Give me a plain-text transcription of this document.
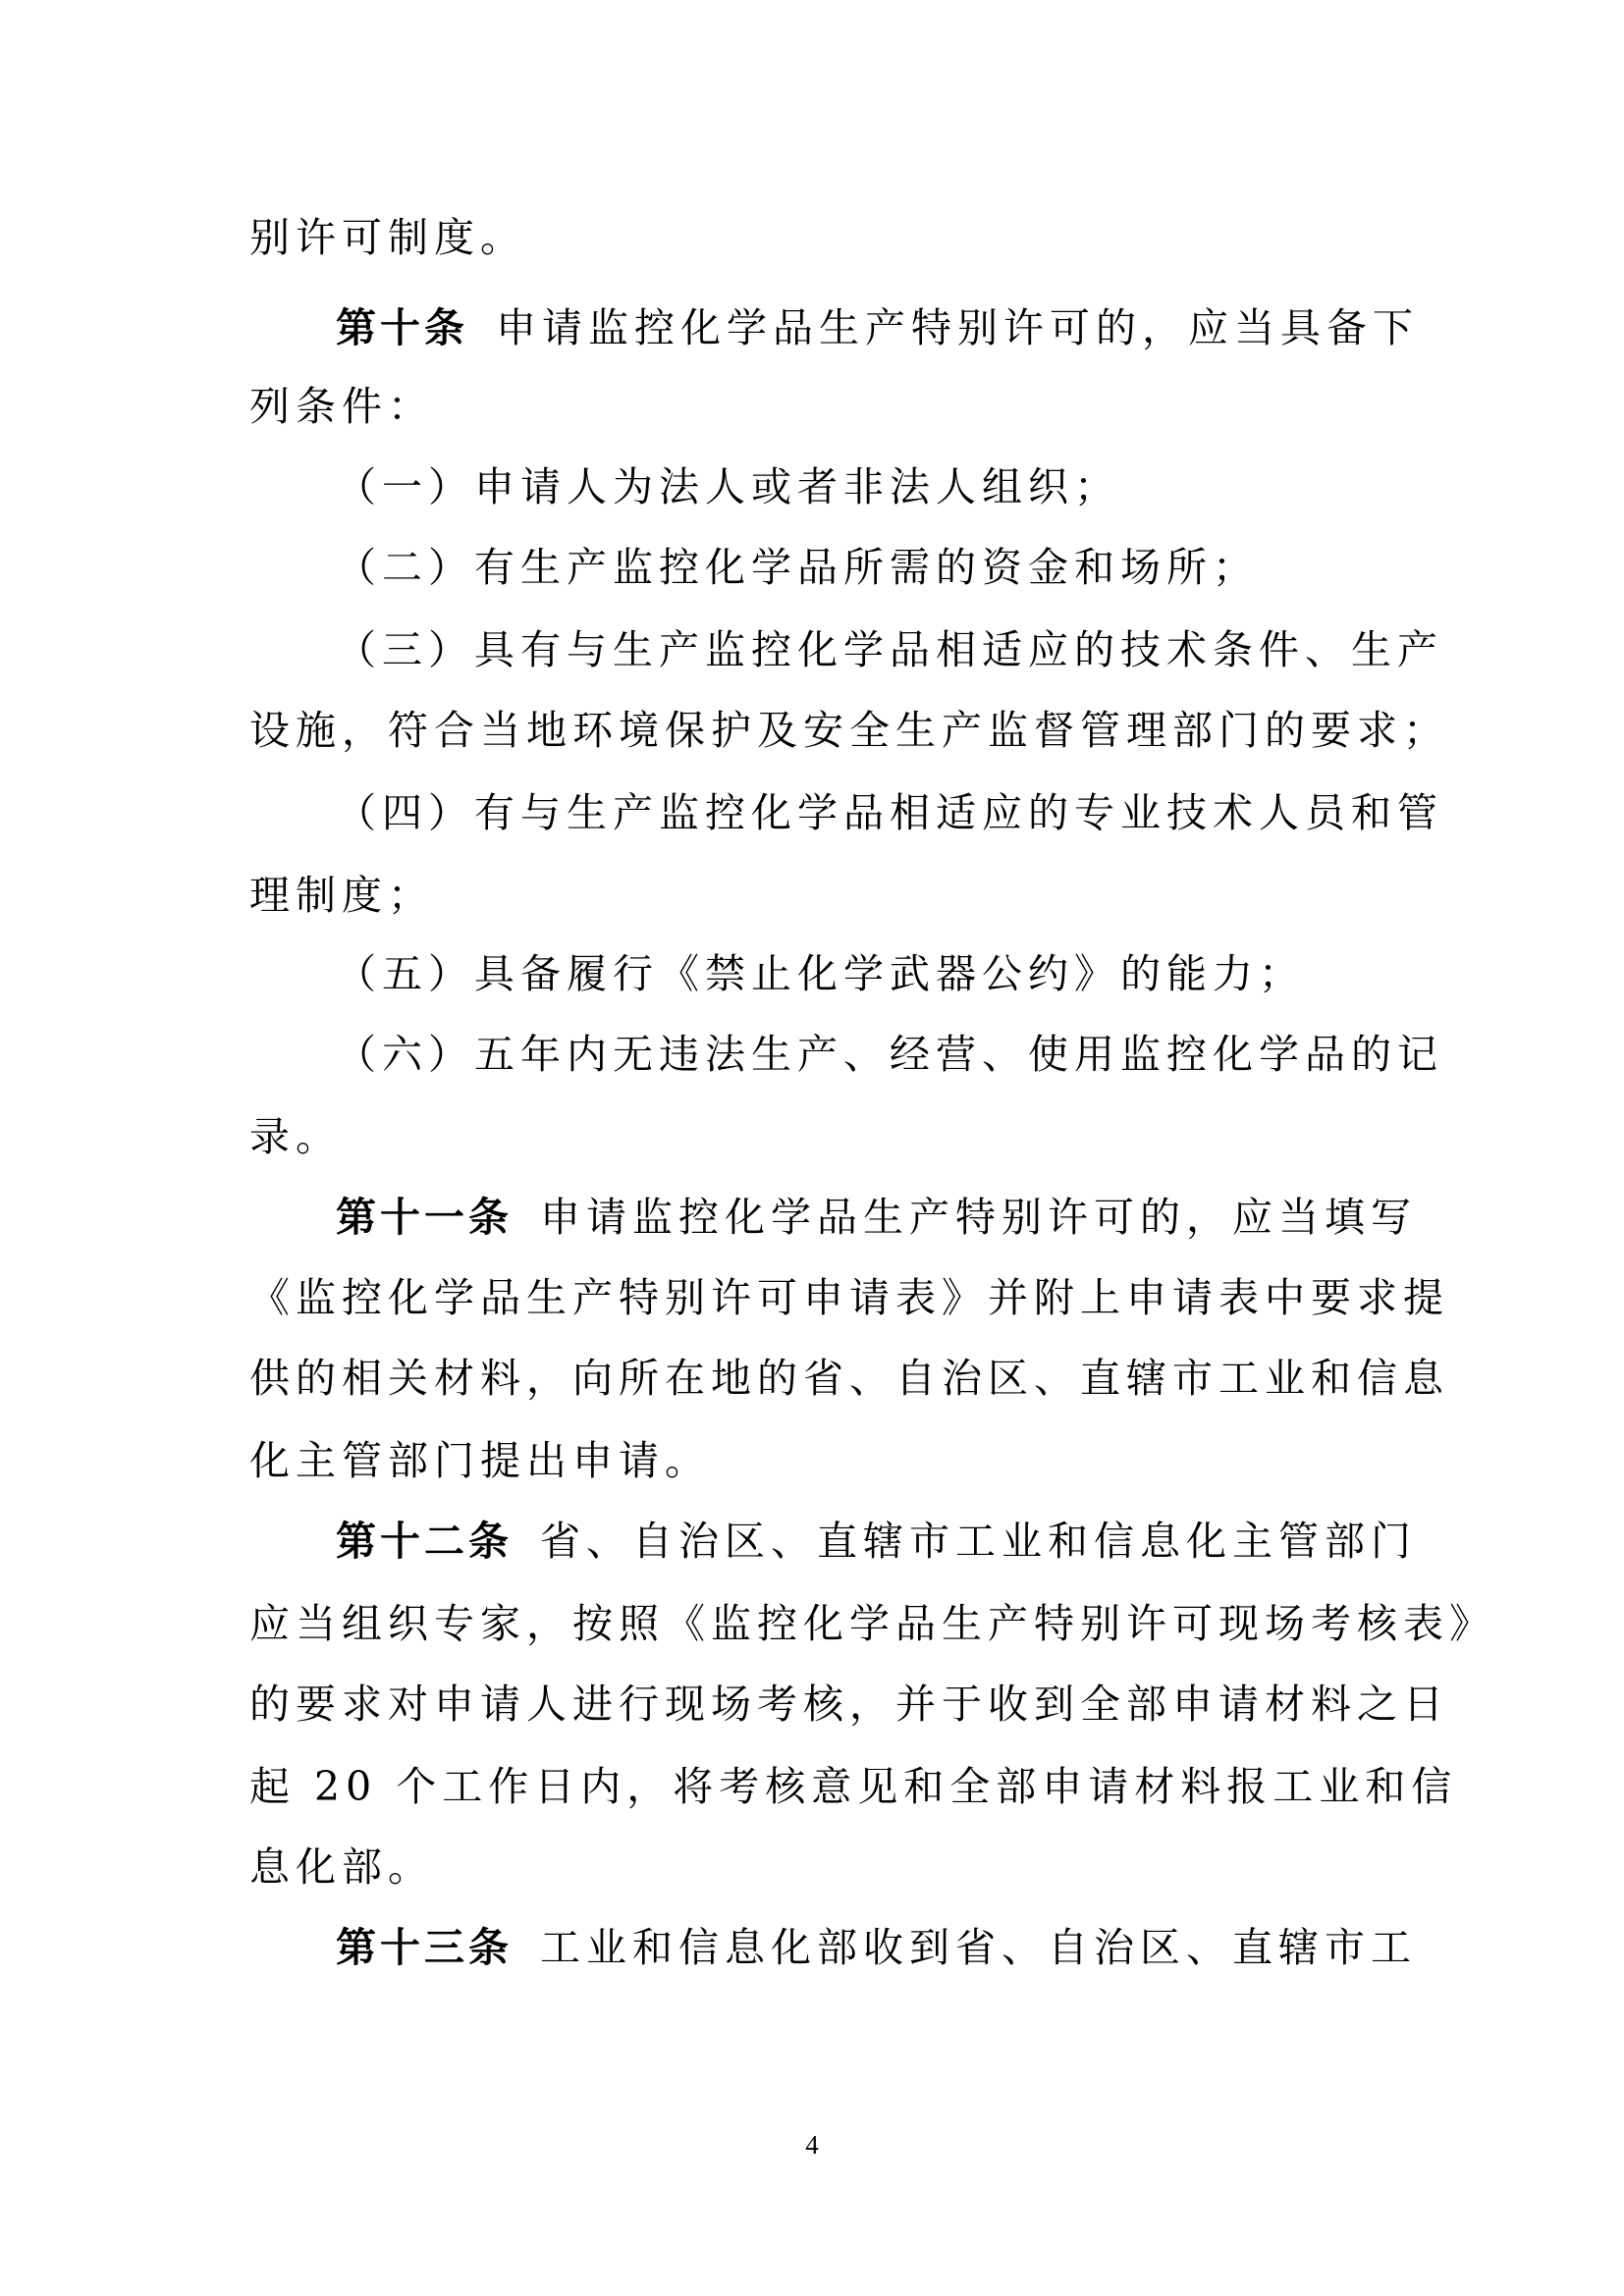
别许可制度。
第十条 申请监控化学品生产特别许可的，应当具备下
列条件：
（一）申请人为法人或者非法人组织；
（二）有生产监控化学品所需的资金和场所；
（三）具有与生产监控化学品相适应的技术条件、生产
设施，符合当地环境保护及安全生产监督管理部门的要求；
（四）有与生产监控化学品相适应的专业技术人员和管
理制度；
（五）具备履行《禁止化学武器公约》的能力；
（六）五年内无违法生产、经营、使用监控化学品的记
录。
第十一条 申请监控化学品生产特别许可的，应当填写
《监控化学品生产特别许可申请表》并附上申请表中要求提
供的相关材料，向所在地的省、自治区、直辖市工业和信息
化主管部门提出申请。
第十二条 省、自治区、直辖市工业和信息化主管部门
应当组织专家，按照《监控化学品生产特别许可现场考核表》
的要求对申请人进行现场考核，并于收到全部申请材料之日
起 20 个工作日内，将考核意见和全部申请材料报工业和信
息化部。
第十三条 工业和信息化部收到省、自治区、直辖市工
4
